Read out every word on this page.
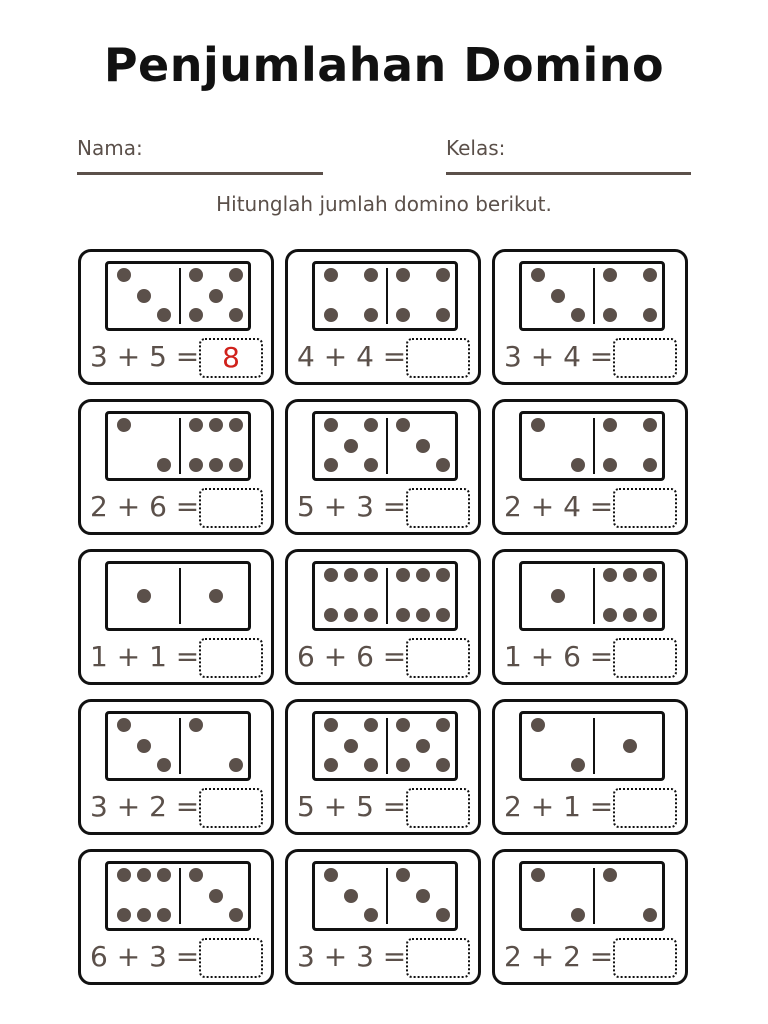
Penjumlahan Domino
Nama:	Kelas:
Hitunglah jumlah domino berikut.
3 + 5 = 8	4 + 4 =	3 + 4 =
2 + 6 =	5 + 3 =	2 + 4 =
1 + 1 =	6 + 6 =	1 + 6 =
3 + 2 =	5 + 5 =	2 + 1 =
6 + 3 =	3 + 3 =	2 + 2 =
